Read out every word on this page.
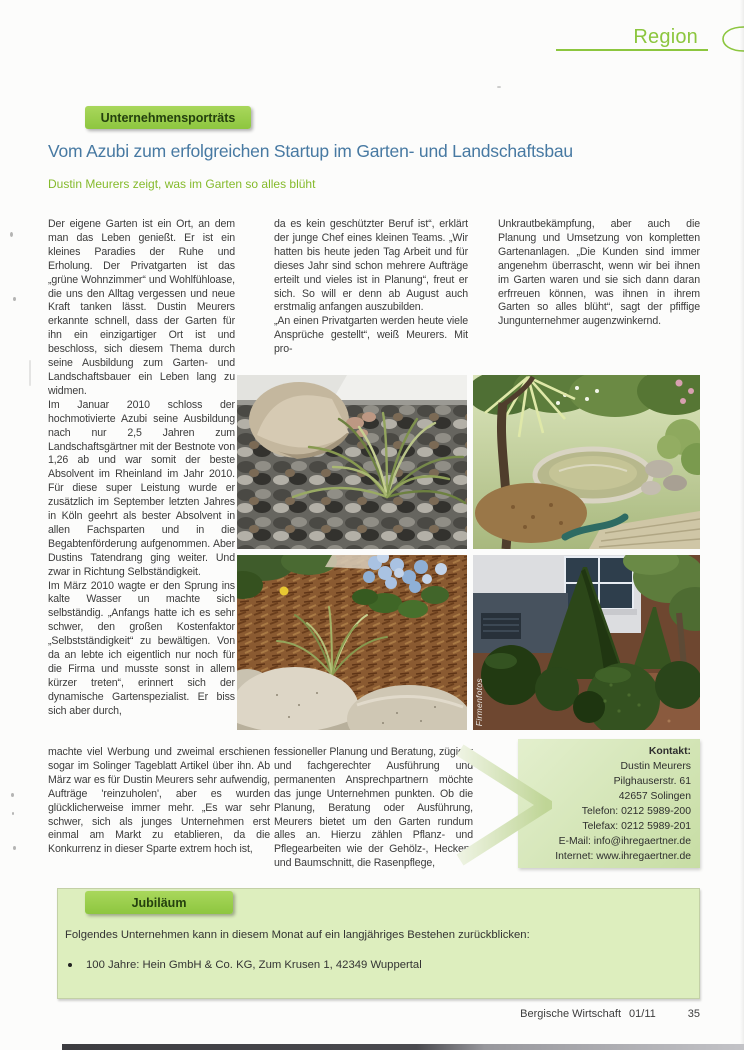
Region
Unternehmensporträts
Vom Azubi zum erfolgreichen Startup im Garten- und Landschaftsbau
Dustin Meurers zeigt, was im Garten so alles blüht

Der eigene Garten ist ein Ort, an dem man das Leben genießt. Er ist ein kleines Paradies der Ruhe und Erholung. Der Privatgarten ist das „grüne Wohnzimmer“ und Wohlfühloase, die uns den Alltag vergessen und neue Kraft tanken lässt. Dustin Meurers erkannte schnell, dass der Garten für ihn ein einzigartiger Ort ist und beschloss, sich diesem Thema durch seine Ausbildung zum Garten- und Landschaftsbauer ein Leben lang zu widmen.

Im Januar 2010 schloss der hochmotivierte Azubi seine Ausbildung nach nur 2,5 Jahren zum Landschaftsgärtner mit der Bestnote von 1,26 ab und war somit der beste Absolvent im Rheinland im Jahr 2010. Für diese super Leistung wurde er zusätzlich im September letzten Jahres in Köln geehrt als bester Absolvent in allen Fachsparten und in die Begabtenförderung aufgenommen. Aber Dustins Tatendrang ging weiter. Und zwar in Richtung Selbständigkeit.

Im März 2010 wagte er den Sprung ins kalte Wasser un machte sich selbständig. „Anfangs hatte ich es sehr schwer, den großen Kostenfaktor „Selbstständigkeit“ zu bewältigen. Von da an lebte ich eigentlich nur noch für die Firma und musste sonst in allem kürzer treten“, erinnert sich der dynamische Gartenspezialist. Er biss sich aber durch,

machte viel Werbung und zweimal erschienen sogar im Solinger Tageblatt Artikel über ihn. Ab März war es für Dustin Meurers sehr aufwendig, Aufträge 'reinzuholen', aber es wurden glücklicherweise immer mehr. „Es war sehr schwer, sich als junges Unternehmen erst einmal am Markt zu etablieren, da die Konkurrenz in dieser Sparte extrem hoch ist,

da es kein geschützter Beruf ist“, erklärt der junge Chef eines kleinen Teams. „Wir hatten bis heute jeden Tag Arbeit und für dieses Jahr sind schon mehrere Aufträge erteilt und vieles ist in Planung“, freut er sich. So will er denn ab August auch erstmalig anfangen auszubilden.

„An einen Privatgarten werden heute viele Ansprüche gestellt“, weiß Meurers. Mit pro-

fessioneller Planung und Beratung, zügiger und fachgerechter Ausführung und permanenten Ansprechpartnern möchte das junge Unternehmen punkten. Ob die Planung, Beratung oder Ausführung, Meurers bietet um den Garten rundum alles an. Hierzu zählen Pflanz- und Pflegearbeiten wie der Gehölz-, Hecken- und Baumschnitt, die Rasenpflege,

Unkrautbekämpfung, aber auch die Planung und Umsetzung von kompletten Gartenanlagen. „Die Kunden sind immer angenehm überrascht, wenn wir bei ihnen im Garten waren und sie sich dann daran erfrreuen können, was ihnen in ihrem Garten so alles blüht“, sagt der pfiffige Jungunternehmer augenzwinkernd.

Firmenfotos
Kontakt:
Dustin Meurers
Pilghauserstr. 61
42657 Solingen
Telefon: 0212 5989-200
Telefax: 0212 5989-201
E-Mail: info@ihregaertner.de
Internet: www.ihregaertner.de
Jubiläum
Folgendes Unternehmen kann in diesem Monat auf ein langjähriges Bestehen zurückblicken:
100 Jahre: Hein GmbH & Co. KG, Zum Krusen 1, 42349 Wuppertal
Bergische Wirtschaft 01/11	35
